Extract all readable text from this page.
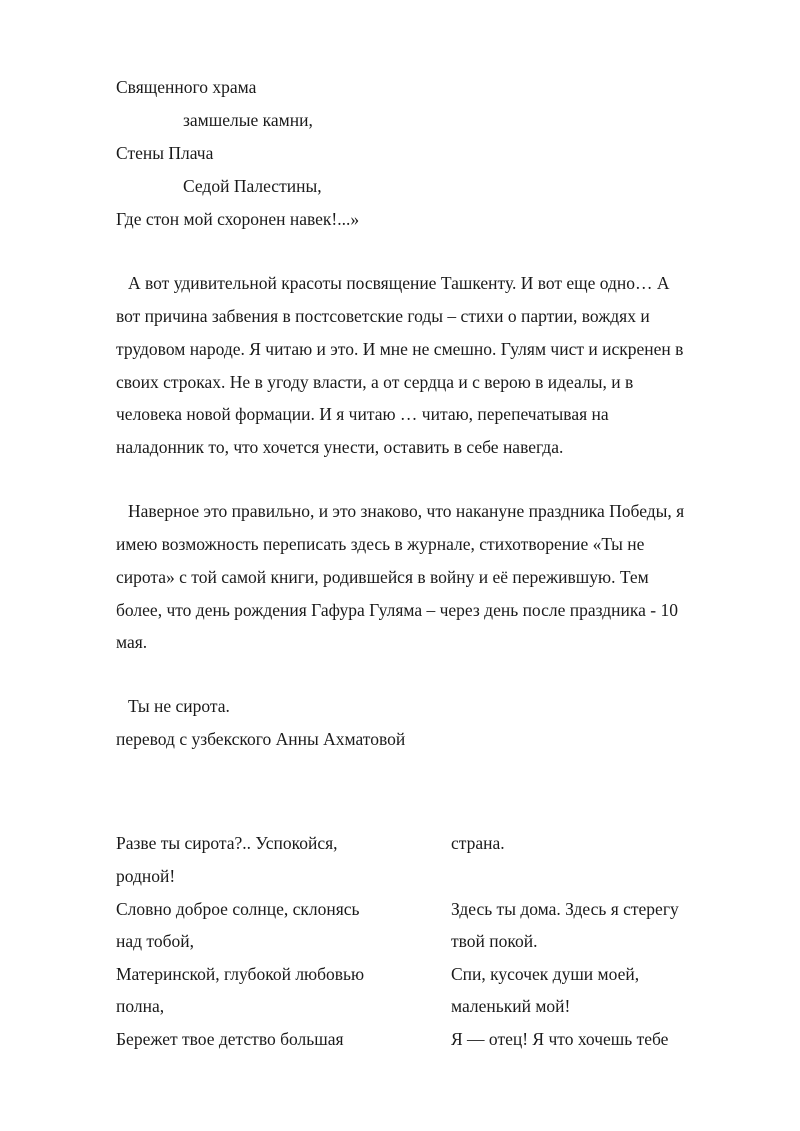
Священного храма
замшелые камни,
Стены Плача
Седой Палестины,
Где стон мой схоронен навек!...»
А вот удивительной красоты посвящение Ташкенту. И вот еще одно… А
вот причина забвения в постсоветские годы – стихи о партии, вождях и
трудовом народе. Я читаю и это. И мне не смешно. Гулям чист и искренен в
своих строках. Не в угоду власти, а от сердца и с верою в идеалы, и в
человека новой формации. И я читаю … читаю, перепечатывая на
наладонник то, что хочется унести, оставить в себе навегда.
Наверное это правильно, и это знаково, что накануне праздника Победы, я
имею возможность переписать здесь в журнале, стихотворение «Ты не
сирота» с той самой книги, родившейся в войну и её пережившую. Тем
более, что день рождения Гафура Гуляма – через день после праздника - 10
мая.
Ты не сирота.
перевод с узбекского Анны Ахматовой
Разве ты сирота?.. Успокойся,
родной!
Словно доброе солнце, склонясь
над тобой,
Материнской, глубокой любовью
полна,
Бережет твое детство большая
страна.
Здесь ты дома. Здесь я стерегу
твой покой.
Спи, кусочек души моей,
маленький мой!
Я — отец! Я что хочешь тебе
